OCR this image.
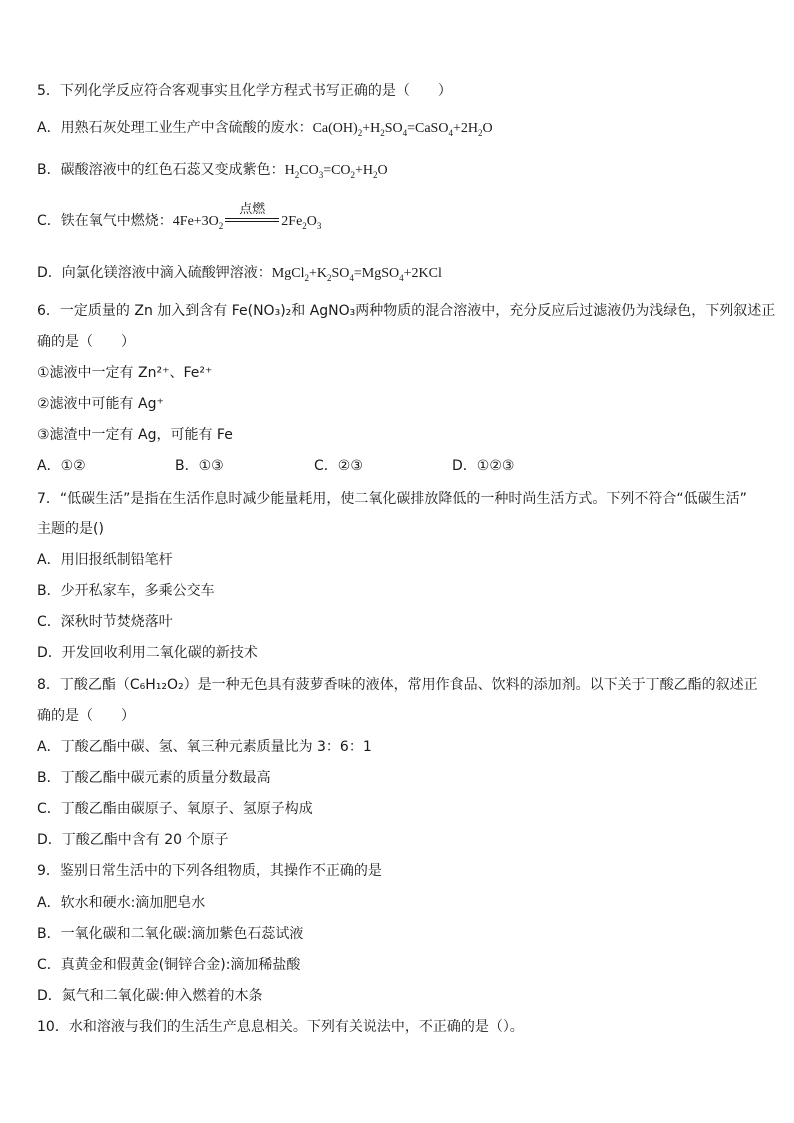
5．下列化学反应符合客观事实且化学方程式书写正确的是（　　）
A．用熟石灰处理工业生产中含硫酸的废水：$Ca(OH)_2+H_2SO_4=CaSO_4+2H_2O$
B．碳酸溶液中的红色石蕊又变成紫色：$H_2CO_3=CO_2+H_2O$
C．铁在氧气中燃烧：$4Fe+3O_2$
点燃
$2Fe_2O_3$
D．向氯化镁溶液中滴入硫酸钾溶液：$MgCl_2+K_2SO_4=MgSO_4+2KCl$
6．一定质量的 Zn 加入到含有 Fe(NO₃)₂和 AgNO₃两种物质的混合溶液中，充分反应后过滤液仍为浅绿色，下列叙述正
确的是（　　）
①滤液中一定有 Zn²⁺、Fe²⁺
②滤液中可能有 Ag⁺
③滤渣中一定有 Ag，可能有 Fe
A．①②	B．①③	C．②③	D．①②③
7．“低碳生活”是指在生活作息时减少能量耗用，使二氧化碳排放降低的一种时尚生活方式。下列不符合“低碳生活”
主题的是()
A．用旧报纸制铅笔杆
B．少开私家车，多乘公交车
C．深秋时节焚烧落叶
D．开发回收利用二氧化碳的新技术
8．丁酸乙酯（C₆H₁₂O₂）是一种无色具有菠萝香味的液体，常用作食品、饮料的添加剂。以下关于丁酸乙酯的叙述正
确的是（　　）
A．丁酸乙酯中碳、氢、氧三种元素质量比为 3：6：1
B．丁酸乙酯中碳元素的质量分数最高
C．丁酸乙酯由碳原子、氧原子、氢原子构成
D．丁酸乙酯中含有 20 个原子
9．鉴别日常生活中的下列各组物质，其操作不正确的是
A．软水和硬水:滴加肥皂水
B．一氧化碳和二氧化碳:滴加紫色石蕊试液
C．真黄金和假黄金(铜锌合金):滴加稀盐酸
D．氮气和二氧化碳:伸入燃着的木条
10．水和溶液与我们的生活生产息息相关。下列有关说法中，不正确的是（）。
